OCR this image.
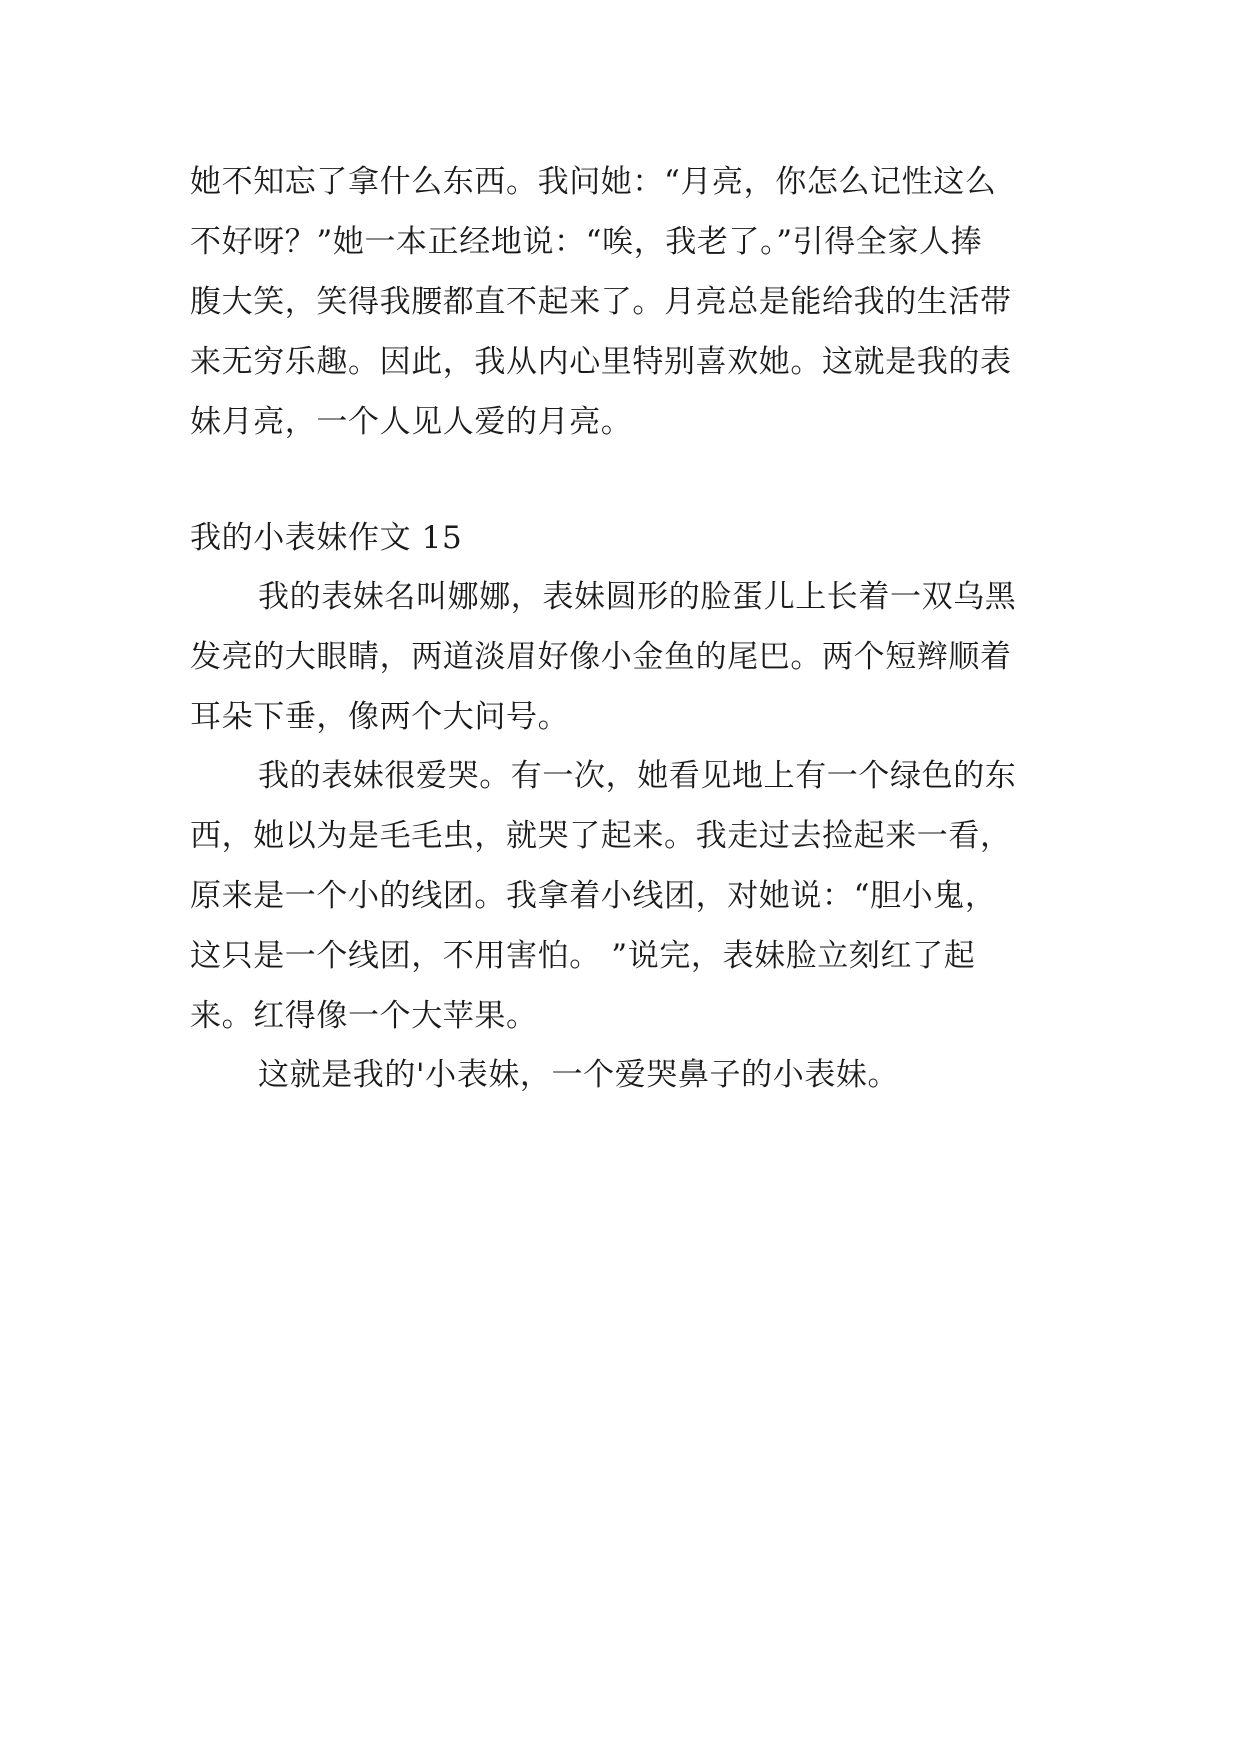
她不知忘了拿什么东西。我问她：“月亮，你怎么记性这么
不好呀？”她一本正经地说：“唉，我老了。”引得全家人捧
腹大笑，笑得我腰都直不起来了。月亮总是能给我的生活带
来无穷乐趣。因此，我从内心里特别喜欢她。这就是我的表
妹月亮，一个人见人爱的月亮。
我的小表妹作文 15
我的表妹名叫娜娜，表妹圆形的脸蛋儿上长着一双乌黑
发亮的大眼睛，两道淡眉好像小金鱼的尾巴。两个短辫顺着
耳朵下垂，像两个大问号。
我的表妹很爱哭。有一次，她看见地上有一个绿色的东
西，她以为是毛毛虫，就哭了起来。我走过去捡起来一看，
原来是一个小的线团。我拿着小线团，对她说：“胆小鬼，
这只是一个线团，不用害怕。 ”说完，表妹脸立刻红了起
来。红得像一个大苹果。
这就是我的'小表妹，一个爱哭鼻子的小表妹。
